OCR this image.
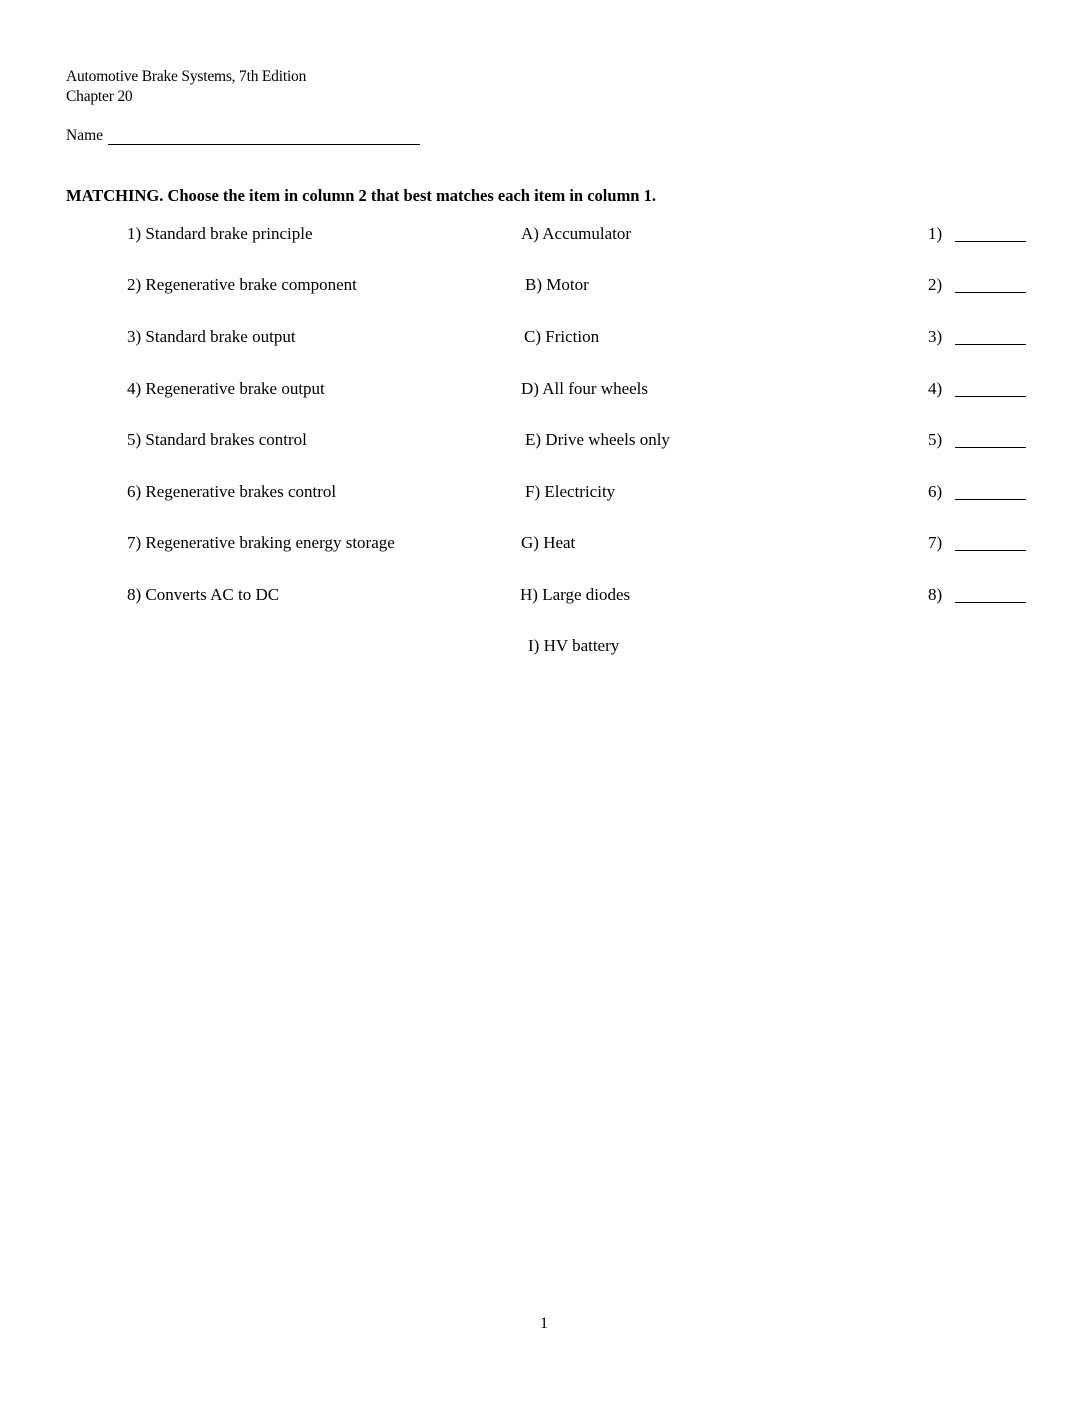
Automotive Brake Systems, 7th Edition
Chapter 20
Name
MATCHING. Choose the item in column 2 that best matches each item in column 1.
1) Standard brake principle	A) Accumulator	1)
2) Regenerative brake component	B) Motor	2)
3) Standard brake output	C) Friction	3)
4) Regenerative brake output	D) All four wheels	4)
5) Standard brakes control	E) Drive wheels only	5)
6) Regenerative brakes control	F) Electricity	6)
7) Regenerative braking energy storage	G) Heat	7)
8) Converts AC to DC	H) Large diodes	8)
I) HV battery
1
